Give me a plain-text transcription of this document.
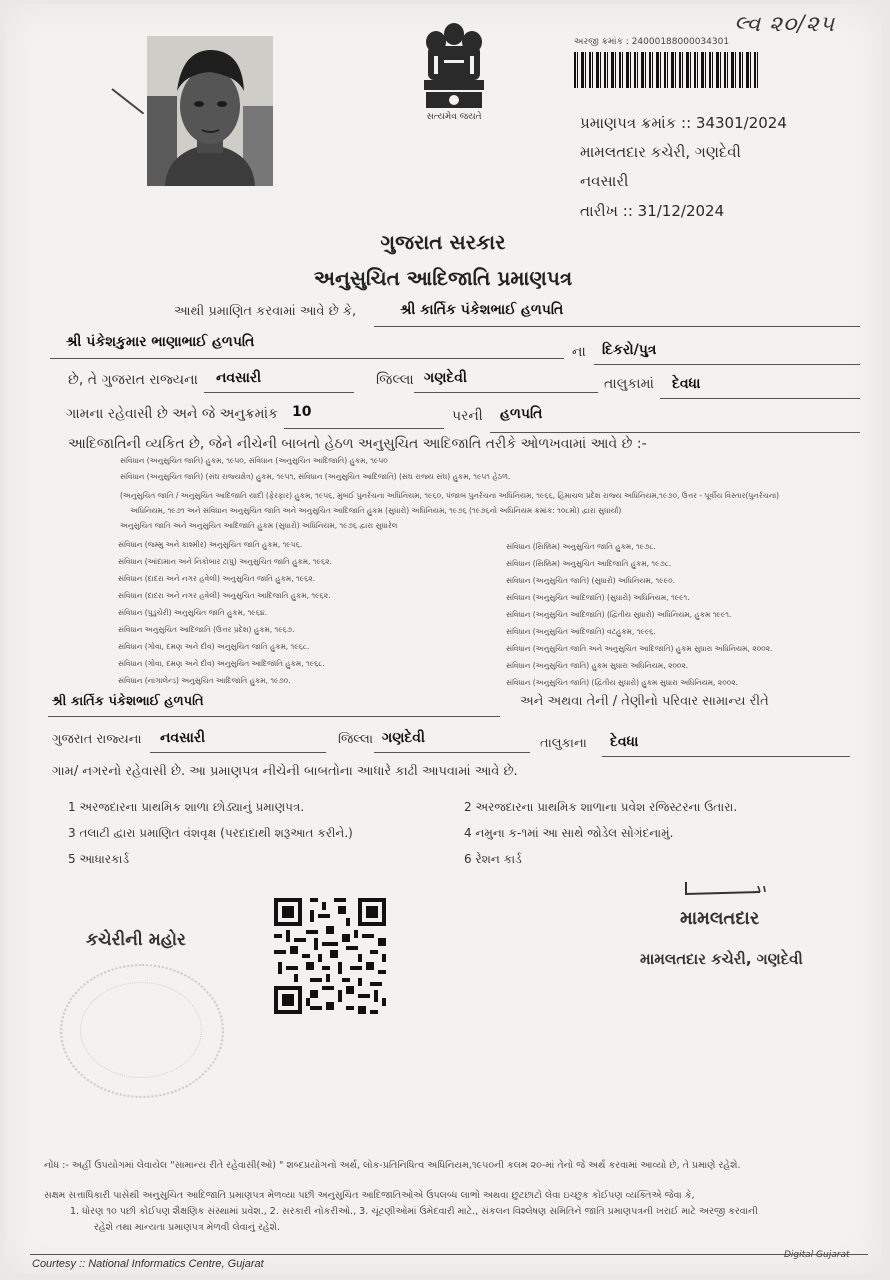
લ્વ ૨૦/૨૫
સત્યમેવ જયતે
અરજી ક્રમાંક : 24000188000034301
પ્રમાણપત્ર ક્રમાંક :: 34301/2024
મામલતદાર કચેરી, ગણદેવી
નવસારી
તારીખ :: 31/12/2024
ગુજરાત સરકાર
અનુસુચિત આદિજાતિ પ્રમાણપત્ર
આથી પ્રમાણિત કરવામાં આવે છે કે,	શ્રી કાર્તિક પંકેશભાઈ હળપતિ
શ્રી પંકેશકુમાર ભાણાભાઈ હળપતિ
ના દિકરો/પુત્ર
છે, તે ગુજરાત રાજ્યના નવસારી	જિલ્લા ગણદેવી	તાલુકામાં દેવધા
ગામના રહેવાસી છે અને જે અનુક્રમાંક 10	પરની હળપતિ
આદિજાતિની વ્યકિત છે, જેને નીચેની બાબતો હેઠળ અનુસુચિત આદિજાતિ તરીકે ઓળખવામાં આવે છે :-
સંવિધાન (અનુસુચિત જાતિ) હુકમ, ૧૯૫૦, સંવિધાન (અનુસુચિત આદિજાતિ) હુકમ, ૧૯૫૦
સંવિધાન (અનુસુચિત જાતિ) (સંઘ રાજ્યક્ષેત્ર) હુકમ, ૧૯૫૧, સંવિધાન (અનુસુચિત આદિજાતિ) (સંઘ રાજ્ય સંઘ) હુકમ, ૧૯૫૧ હેઠળ.
(અનુસુચિત જાતિ / અનુસુચિત આદિજાતિ યાદી (ફેરફાર) હુકમ, ૧૯૫૬, મુંબઈ પુનર્રચના અધિનિયમ, ૧૯૬૦, પંજાબ પુનર્રચના અધિનિયમ, ૧૯૬૬, હિમાચલ પ્રદેશ રાજ્ય અધિનિયમ,૧૯૭૦, ઉત્તર - પૂર્વીય વિસ્તાર(પુનર્રચના)
અધિનિયમ, ૧૯૭૧ અને સંવિધાન અનુસુચિત જાતિ અને અનુસુચિત આદિજાતિ હુકમ (સુધારો) અધિનિયમ, ૧૯૭૬ (૧૯૭૬નો અધિનિયમ ક્રમાંક: ૧૦૮મો) દ્વારા સુધાર્યા)
અનુસુચિત જાતિ અને અનુસુચિત આદિજાતિ હુકમ (સુધારો) અધિનિયમ, ૧૯૭૬ દ્વારા સુધારેલ
સંવિધાન (જમ્મુ અને કાશ્મીર) અનુસુચિત જાતિ હુકમ, ૧૯૫૬.
સંવિધાન (આંદામાન અને નિકોબાર ટાપુ) અનુસુચિત જાતિ હુકમ, ૧૯૬૨.
સંવિધાન (દાદરા અને નગર હવેલી) અનુસુચિત જાતિ હુકમ, ૧૯૬૨.
સંવિધાન (દાદરા અને નગર હવેલી) અનુસુચિત આદિજાતિ હુકમ, ૧૯૬૨.
સંવિધાન (પુડુચેરી) અનુસુચિત જાતિ હુકમ, ૧૯૬૪.
સંવિધાન અનુસુચિત આદિજાતિ (ઉત્તર પ્રદેશ) હુકમ, ૧૯૬૭.
સંવિધાન (ગોવા, દમણ અને દીવ) અનુસુચિત જાતિ હુકમ, ૧૯૬૮.
સંવિધાન (ગોવા, દમણ અને દીવ) અનુસુચિત આદિજાતિ હુકમ, ૧૯૬૮.
સંવિધાન (નાગાલેન્ડ) અનુસુચિત આદિજાતિ હુકમ, ૧૯૭૦.
સંવિધાન (સિક્કિમ) અનુસુચિત જાતિ હુકમ, ૧૯૭૮.
સંવિધાન (સિક્કિમ) અનુસુચિત આદિજાતિ હુકમ, ૧૯૭૮.
સંવિધાન (અનુસુચિત જાતિ) (સુધારો) અધિનિયમ, ૧૯૯૦.
સંવિધાન (અનુસુચિત આદિજાતિ) (સુધારો) અધિનિયમ, ૧૯૯૧.
સંવિધાન (અનુસુચિત આદિજાતિ) (દ્વિતીય સુધારો) અધિનિયમ, હુકમ ૧૯૯૧.
સંવિધાન (અનુસુચિત આદિજાતિ) વટહુકમ, ૧૯૯૬.
સંવિધાન (અનુસુચિત જાતિ અને અનુસુચિત આદિજાતિ) હુકમ સુધારા અધિનિયમ, ૨૦૦૨.
સંવિધાન (અનુસુચિત જાતિ) હુકમ સુધારા અધિનિયમ, ૨૦૦૨.
સંવિધાન (અનુસુચિત જાતિ) (દ્વિતીય સુધારો) હુકમ સુધારા અધિનિયમ, ૨૦૦૨.
શ્રી કાર્તિક પંકેશભાઈ હળપતિ	અને અથવા તેની / તેણીનો પરિવાર સામાન્ય રીતે
ગુજરાત રાજ્યના નવસારી	જિલ્લા ગણદેવી	તાલુકાના દેવધા
ગામ/ નગરનો રહેવાસી છે. આ પ્રમાણપત્ર નીચેની બાબતોના આધારે કાઢી આપવામાં આવે છે.
1 અરજદારના પ્રાથમિક શાળા છોડ્યાનું પ્રમાણપત્ર.	2 અરજદારના પ્રાથમિક શાળાના પ્રવેશ રજિસ્ટરના ઉતારા.
3 તલાટી દ્વારા પ્રમાણિત વંશવૃક્ષ (પરદાદાથી શરૂઆત કરીને.)	4 નમુના ક-૧માં આ સાથે જોડેલ સોગંદનામું.
5 આધારકાર્ડ	6 રેશન કાર્ડ
કચેરીની મહોર
મામલતદાર
મામલતદાર કચેરી, ગણદેવી
નોંધ :- અહીં ઉપયોગમાં લેવાયેલ "સામાન્ય રીતે રહેવાસી(ઓ) " શબ્દપ્રયોગનો અર્થ, લોક-પ્રતિનિધિત્વ અધિનિયમ,૧૯૫૦ની કલમ ૨૦-માં તેનો જે અર્થ કરવામાં આવ્યો છે, તે પ્રમાણે રહેશે.
સક્ષમ સત્તાધિકારી પાસેથી અનુસુચિત આદિજાતિ પ્રમાણપત્ર મેળવ્યા પછી અનુસુચિત આદિજાતિઓએ ઉપલબ્ધ લાભો અથવા છુટછાટો લેવા ઇચ્છુક કોઈપણ વ્યક્તિએ જેવા કે,
1. ધોરણ ૧૦ પછી કોઈપણ શૈક્ષણિક સંસ્થામાં પ્રવેશ., 2. સરકારી નોકરીઓ., 3. ચૂંટણીઓમાં ઉમેદવારી માટે., સંકલન વિશ્લેષણ સમિતિને જાતિ પ્રમાણપત્રની ખરાઈ માટે અરજી કરવાની
રહેશે તથા માન્યતા પ્રમાણપત્ર મેળવી લેવાનું રહેશે.
Courtesy :: National Informatics Centre, Gujarat
Digital Gujarat
